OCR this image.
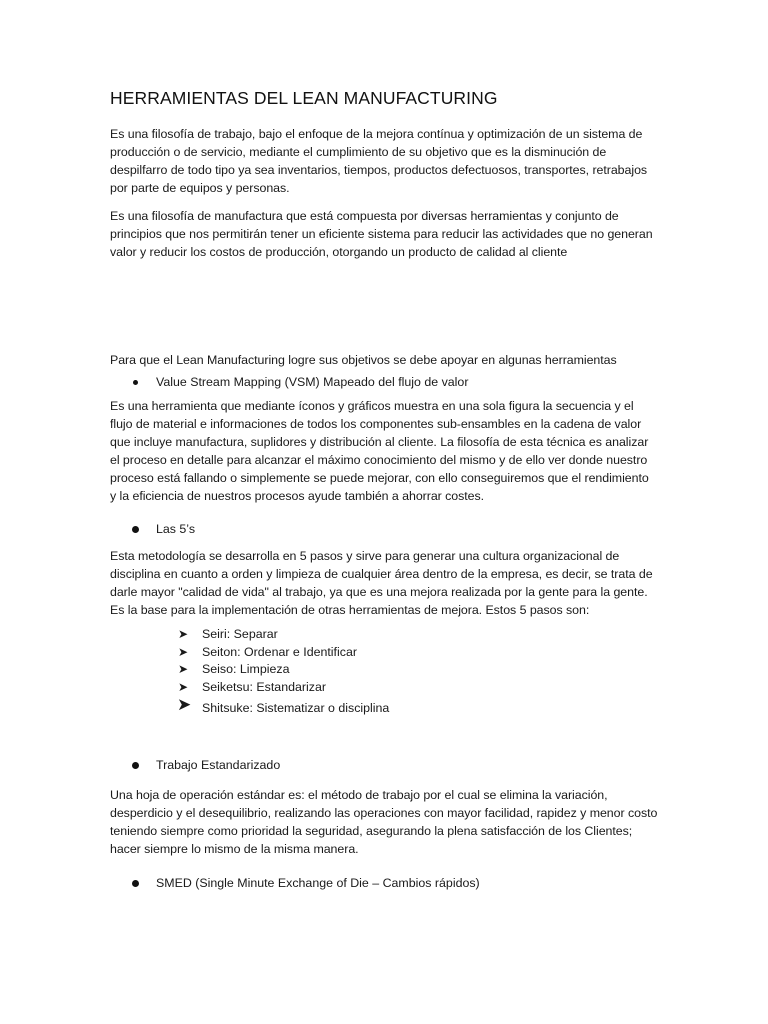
HERRAMIENTAS DEL LEAN MANUFACTURING

Es una filosofía de trabajo, bajo el enfoque de la mejora contínua y optimización de un sistema de producción o de servicio, mediante el cumplimiento de su objetivo que es la disminución de despilfarro de todo tipo ya sea inventarios, tiempos, productos defectuosos, transportes, retrabajos por parte de equipos y personas.

Es una filosofía de manufactura que está compuesta por diversas herramientas y conjunto de principios que nos permitirán tener un eficiente sistema para reducir las actividades que no generan valor y reducir los costos de producción, otorgando un producto de calidad al cliente

Para que el Lean Manufacturing logre sus objetivos se debe apoyar en algunas herramientas

Value Stream Mapping (VSM) Mapeado del flujo de valor

Es una herramienta que mediante íconos y gráficos muestra en una sola figura la secuencia y el flujo de material e informaciones de todos los componentes sub-ensambles en la cadena de valor que incluye manufactura, suplidores y distribución al cliente. La filosofía de esta técnica es analizar el proceso en detalle para alcanzar el máximo conocimiento del mismo y de ello ver donde nuestro proceso está fallando o simplemente se puede mejorar, con ello conseguiremos que el rendimiento y la eficiencia de nuestros procesos ayude también a ahorrar costes.

Las 5’s

Esta metodología se desarrolla en 5 pasos y sirve para generar una cultura organizacional de disciplina en cuanto a orden y limpieza de cualquier área dentro de la empresa, es decir, se trata de darle mayor "calidad de vida" al trabajo, ya que es una mejora realizada por la gente para la gente. Es la base para la implementación de otras herramientas de mejora. Estos 5 pasos son:

➤ Seiri: Separar
➤ Seiton: Ordenar e Identificar
➤ Seiso: Limpieza
➤ Seiketsu: Estandarizar
➤ Shitsuke: Sistematizar o disciplina
Trabajo Estandarizado

Una hoja de operación estándar es: el método de trabajo por el cual se elimina la variación, desperdicio y el desequilibrio, realizando las operaciones con mayor facilidad, rapidez y menor costo teniendo siempre como prioridad la seguridad, asegurando la plena satisfacción de los Clientes; hacer siempre lo mismo de la misma manera.

SMED (Single Minute Exchange of Die – Cambios rápidos)
